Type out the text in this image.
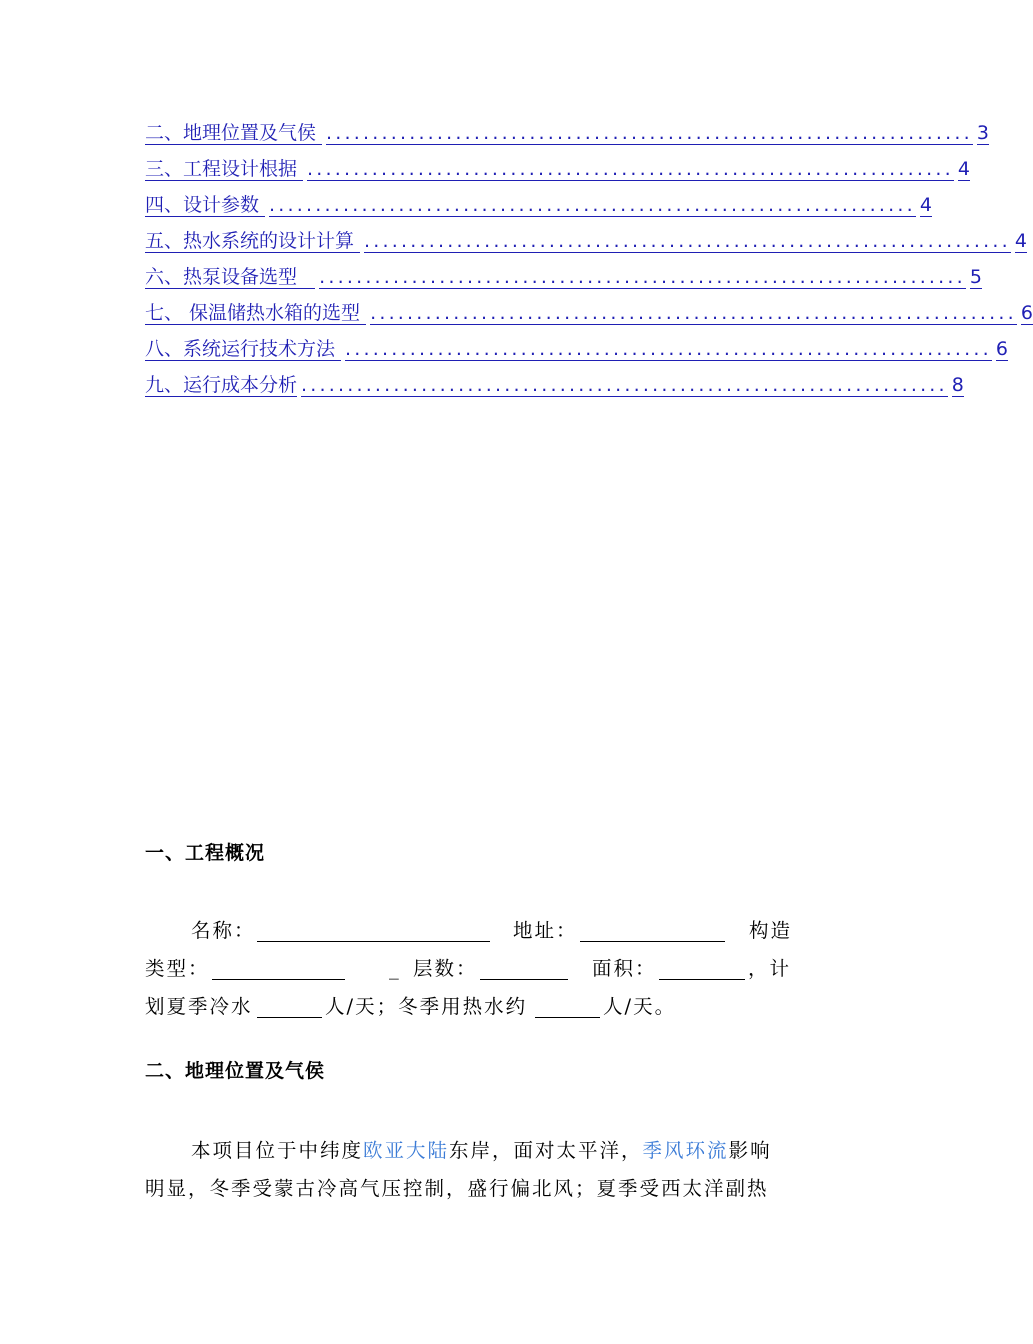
二、地理位置及气侯 ...................................................................... 3
三、工程设计根据 ...................................................................... 4
四、设计参数 ...................................................................... 4
五、热水系统的设计计算 ...................................................................... 4
六、热泵设备选型 ...................................................................... 5
七、 保温储热水箱的选型 ...................................................................... 6
八、系统运行技术方法 ...................................................................... 6
九、运行成本分析 ...................................................................... 8
一、工程概况
名称：	地址：	构造
类型：	_ 层数：	面积：	，计
划夏季冷水	人/天；冬季用热水约	人/天。
二、地理位置及气侯
本项目位于中纬度欧亚大陆东岸，面对太平洋，季风环流影响
明显，冬季受蒙古冷高气压控制，盛行偏北风；夏季受西太洋副热
